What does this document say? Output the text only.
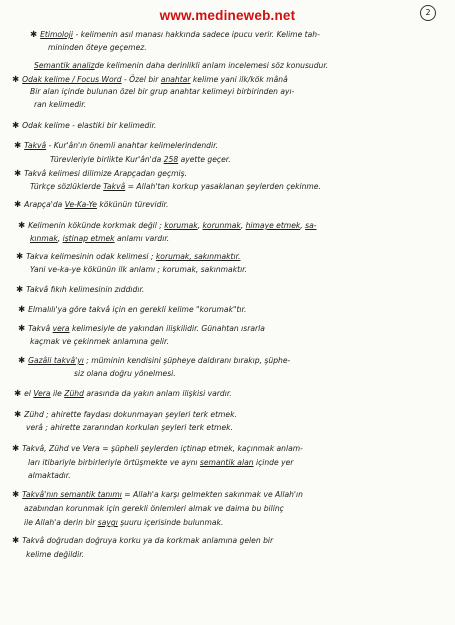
www.medineweb.net	2
✱ Etimoloji - kelimenin asıl manası hakkında sadece ipucu verir. Kelime tah-
mininden öteye geçemez.
Semantik analizde kelimenin daha derinlikli anlam incelemesi söz konusudur.
✱ Odak kelime / Focus Word - Özel bir anahtar kelime yani ilk/kök mânâ
Bir alan içinde bulunan özel bir grup anahtar kelimeyi birbirinden ayı-
ran kelimedir.
✱ Odak kelime - elastiki bir kelimedir.
✱ Takvâ - Kur'ân'ın önemli anahtar kelimelerindendir.
Türevleriyle birlikte Kur'ân'da 258 ayette geçer.
✱ Takvâ kelimesi dilimize Arapçadan geçmiş.
Türkçe sözlüklerde Takvâ = Allah'tan korkup yasaklanan şeylerden çekinme.
✱ Arapça'da Ve-Ka-Ye kökünün türevidir.
✱ Kelimenin kökünde korkmak değil ; korumak, korunmak, himaye etmek, sa-
kınmak, iştinap etmek anlamı vardır.
✱ Takva kelimesinin odak kelimesi ; korumak, sakınmaktır.
Yani ve-ka-ye kökünün ilk anlamı ; korumak, sakınmaktır.
✱ Takvâ fıkıh kelimesinin zıddıdır.
✱ Elmalılı'ya göre takvâ için en gerekli kelime "korumak"tır.
✱ Takvâ vera kelimesiyle de yakından ilişkilidir. Günahtan ısrarla
kaçmak ve çekinmek anlamına gelir.
✱ Gazâli takvâ'yı ; müminin kendisini şüpheye daldıranı bırakıp, şüphe-
siz olana doğru yönelmesi.
✱ el Vera ile Zühd arasında da yakın anlam ilişkisi vardır.
✱ Zühd ; ahirette faydası dokunmayan şeyleri terk etmek.
verâ ; ahirette zararından korkulan şeyleri terk etmek.
✱ Takvâ, Zühd ve Vera = şüpheli şeylerden içtinap etmek, kaçınmak anlam-
ları itibariyle birbirleriyle örtüşmekte ve aynı semantik alan içinde yer
almaktadır.
✱ Takvâ'nın semantik tanımı = Allah'a karşı gelmekten sakınmak ve Allah'ın
azabından korunmak için gerekli önlemleri almak ve daima bu bilinç
ile Allah'a derin bir saygı şuuru içerisinde bulunmak.
✱ Takvâ doğrudan doğruya korku ya da korkmak anlamına gelen bir
kelime değildir.
